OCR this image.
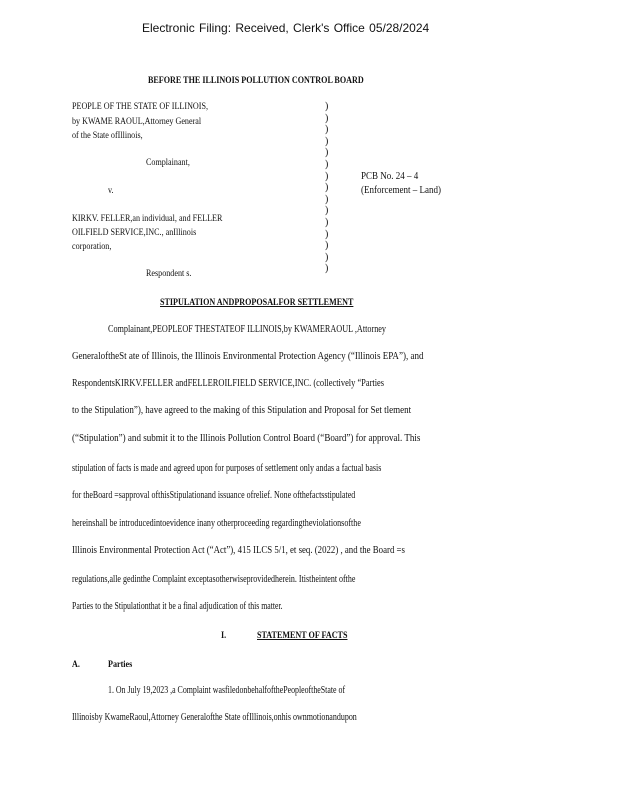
Electronic Filing: Received, Clerk's Office 05/28/2024
BEFORE THE ILLINOIS POLLUTION CONTROL BOARD
PEOPLE OF THE STATE OF ILLINOIS,
by KWAME RAOUL,Attorney General
of the State ofIllinois,
Complainant,
v.
KIRKV. FELLER,an individual, and FELLER
OILFIELD SERVICE,INC., anIllinois
corporation,
Respondent s.
)
)
)
)
)
)
)
)
)
)
)
)
)
)
)
PCB No. 24 – 4
(Enforcement – Land)
STIPULATION ANDPROPOSALFOR SETTLEMENT
Complainant,PEOPLEOF THESTATEOF ILLINOIS,by KWAMERAOUL ,Attorney
GeneraloftheSt ate of Illinois, the Illinois Environmental Protection Agency (“Illinois EPA”), and
RespondentsKIRKV.FELLER andFELLEROILFIELD SERVICE,INC. (collectively “Parties
to the Stipulation”), have agreed to the making of this Stipulation and Proposal for Set tlement
(“Stipulation”) and submit it to the Illinois Pollution Control Board (“Board”) for approval. This
stipulation of facts is made and agreed upon for purposes of settlement only andas a factual basis
for theBoard =sapproval ofthisStipulationand issuance ofrelief. None ofthefactsstipulated
hereinshall be introducedintoevidence inany otherproceeding regardingtheviolationsofthe
Illinois Environmental Protection Act (“Act”), 415 ILCS 5/1, et seq. (2022) , and the Board =s
regulations,alle gedinthe Complaint exceptasotherwiseprovidedherein. Itistheintent ofthe
Parties to the Stipulationthat it be a final adjudication of this matter.
I.	STATEMENT OF FACTS
A.	Parties
1. On July 19,2023 ,a Complaint wasfiledonbehalfofthePeopleoftheState of
Illinoisby KwameRaoul,Attorney Generalofthe State ofIllinois,onhis ownmotionandupon
